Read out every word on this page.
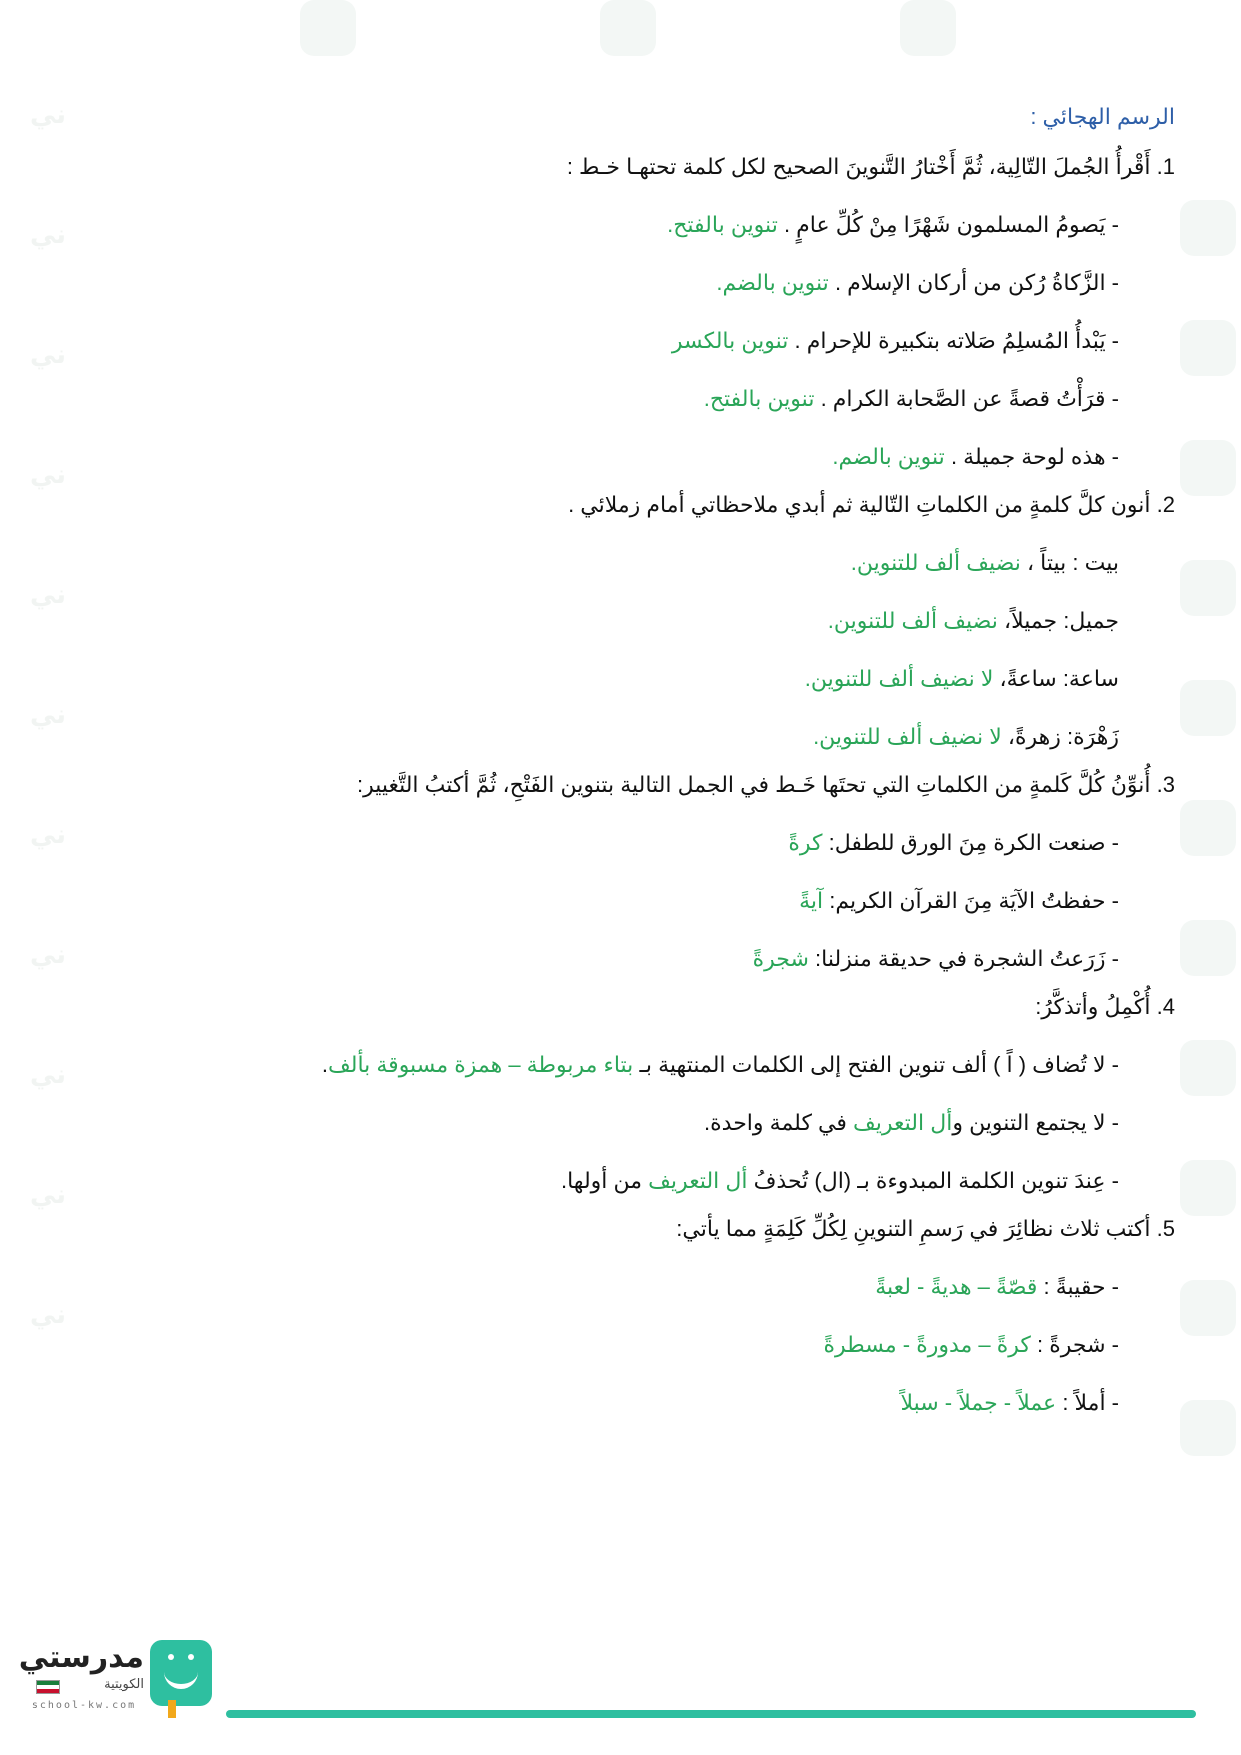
ني
ني
ني
ني
ني
ني
ني
ني
ني
ني
ني
الرسم الهجائي :
1. أَقْرأُ الجُملَ التّالِية، ثُمَّ أَخْتارُ التَّنوينَ الصحيح لكل كلمة تحتهـا خـط :
- يَصومُ المسلمون شَهْرًا مِنْ كُلِّ عامٍ . تنوين بالفتح.
- الزَّكاةُ رُكن من أركان الإسلام . تنوين بالضم.
- يَبْدأُ المُسلِمُ صَلاته بتكبيرة للإحرام . تنوين بالكسر
- قرَأْتُ قصةً عن الصَّحابة الكرام . تنوين بالفتح.
- هذه لوحة جميلة . تنوين بالضم.
2. أنون كلَّ كلمةٍ من الكلماتِ التّالية ثم أبدي ملاحظاتي أمام زملائي .
بيت : بيتاً ، نضيف ألف للتنوين.
جميل: جميلاً، نضيف ألف للتنوين.
ساعة: ساعةً، لا نضيف ألف للتنوين.
زَهْرَة: زهرةً، لا نضيف ألف للتنوين.
3. أُنوِّنُ كُلَّ كَلمةٍ من الكلماتِ التي تحتَها خَـط في الجمل التالية بتنوين الفَتْحِ، ثُمَّ أكتبُ التَّغيير:
- صنعت الكرة مِنَ الورق للطفل: كرةً
- حفظتُ الآيَة مِنَ القرآن الكريم: آيةً
- زَرَعتُ الشجرة في حديقة منزلنا: شجرةً
4. أُكْمِلُ وأتذكَّرُ:
- لا تُضاف ( اً ) ألف تنوين الفتح إلى الكلمات المنتهية بـ بتاء مربوطة – همزة مسبوقة بألف.
- لا يجتمع التنوين وأل التعريف في كلمة واحدة.
- عِندَ تنوين الكلمة المبدوءة بـ (ال) تُحذفُ أل التعريف من أولها.
5. أكتب ثلاث نظائِرَ في رَسمِ التنوينِ لِكُلِّ كَلِمَةٍ مما يأتي:
- حقيبةً : قصّةً – هديةً - لعبةً
- شجرةً : كرةً – مدورةً - مسطرةً
- أملاً : عملاً - جملاً - سبلاً
مدرستي
الكويتية
school-kw.com
